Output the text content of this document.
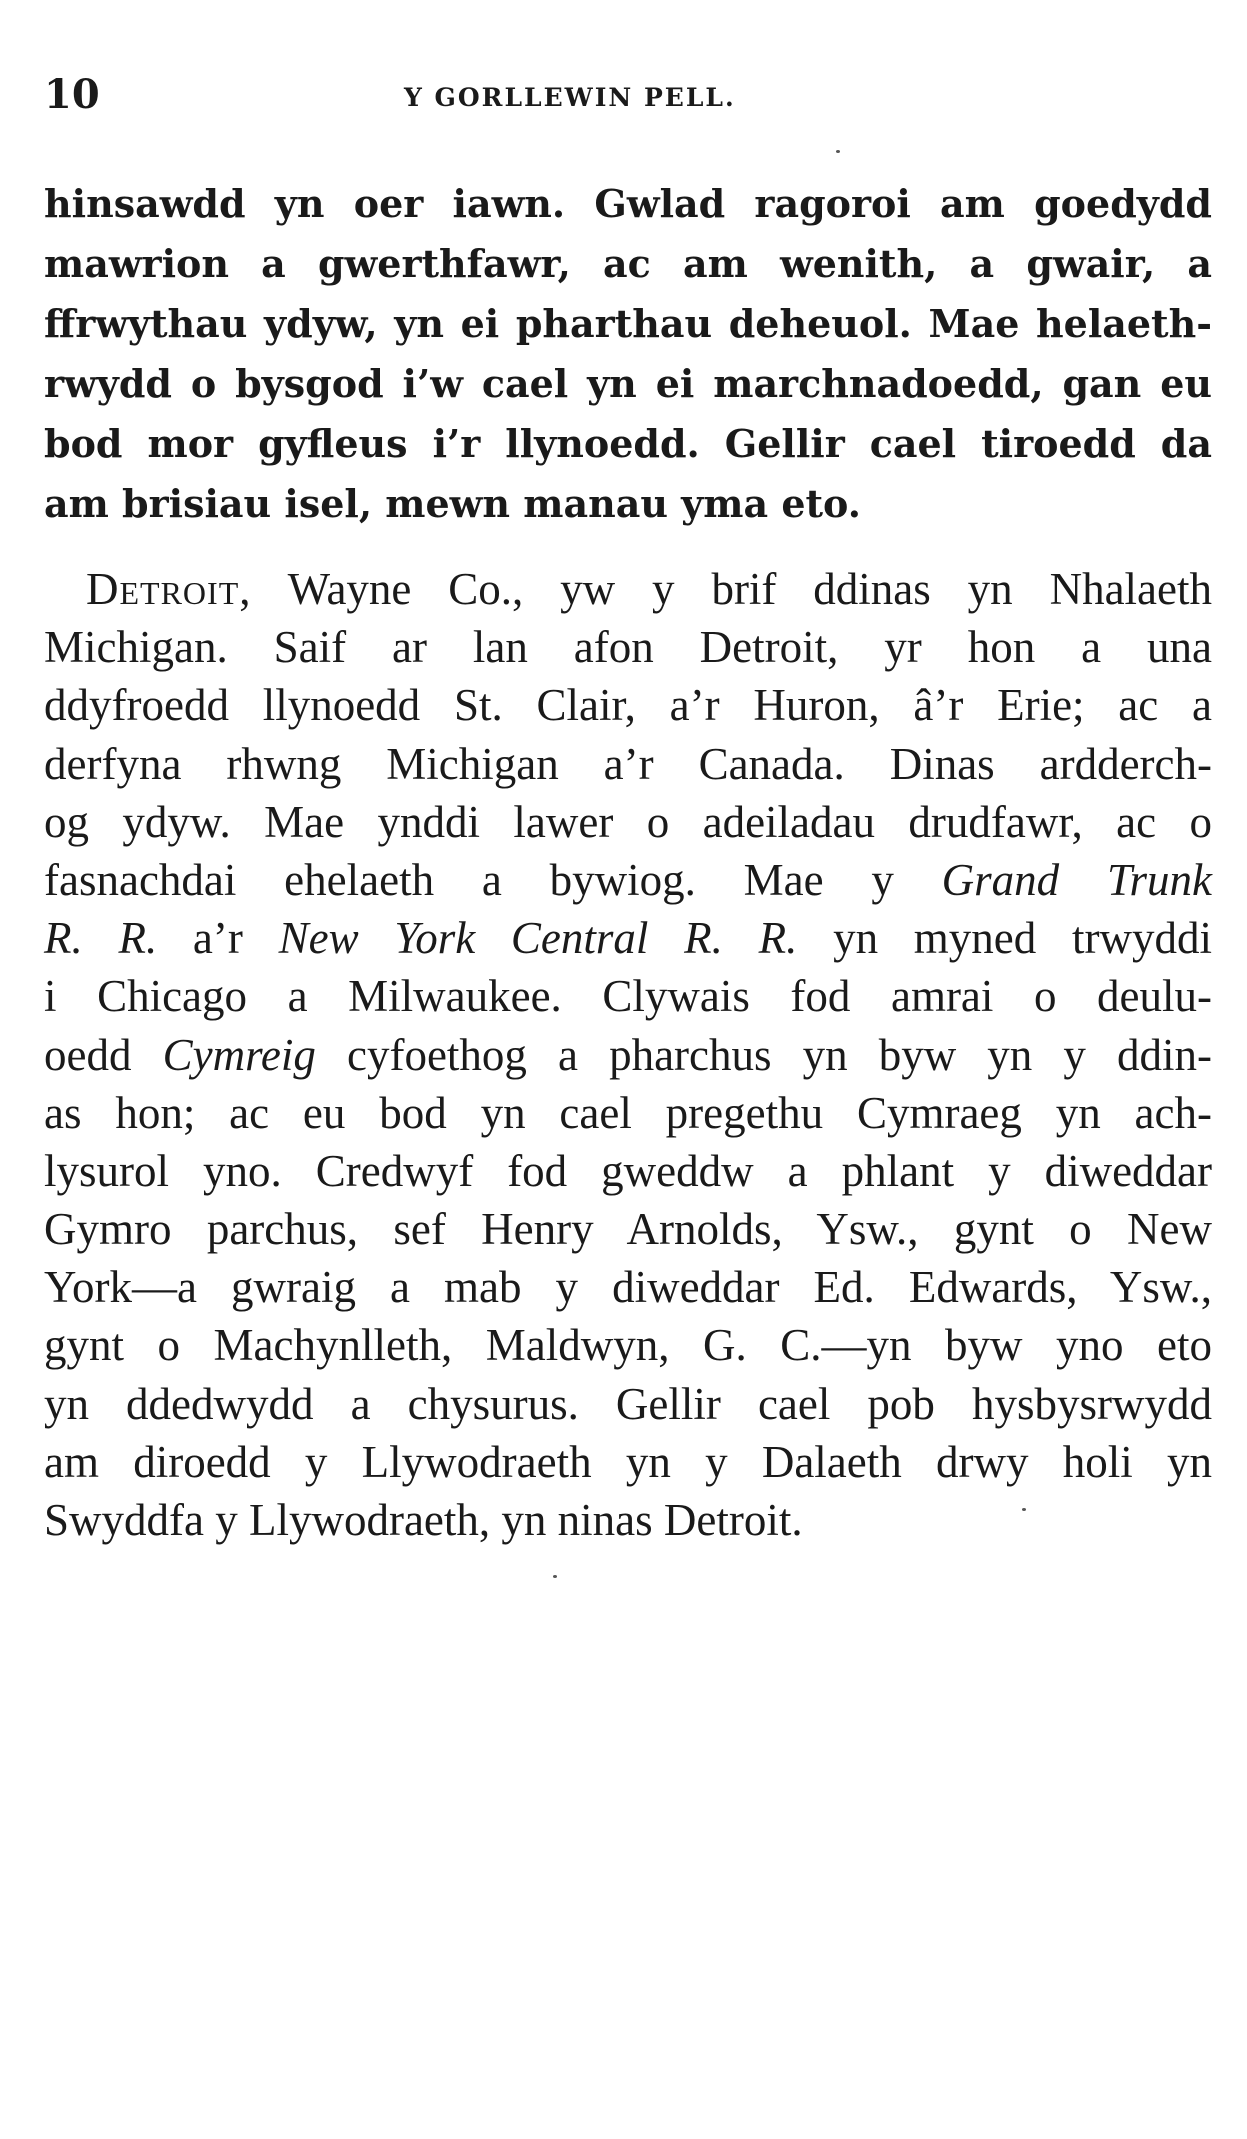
10	Y GORLLEWIN PELL.
hinsawdd yn oer iawn. Gwlad ragoroi am goedydd
mawrion a gwerthfawr, ac am wenith, a gwair, a
ffrwythau ydyw, yn ei pharthau deheuol. Mae helaeth-
rwydd o bysgod i’w cael yn ei marchnadoedd, gan eu
bod mor gyfleus i’r llynoedd. Gellir cael tiroedd da
am brisiau isel, mewn manau yma eto.
Detroit, Wayne Co., yw y brif ddinas yn Nhalaeth
Michigan. Saif ar lan afon Detroit, yr hon a una
ddyfroedd llynoedd St. Clair, a’r Huron, â’r Erie; ac a
derfyna rhwng Michigan a’r Canada. Dinas ardderch-
og ydyw. Mae ynddi lawer o adeiladau drudfawr, ac o
fasnachdai ehelaeth a bywiog. Mae y Grand Trunk
R. R. a’r New York Central R. R. yn myned trwyddi
i Chicago a Milwaukee. Clywais fod amrai o deulu-
oedd Cymreig cyfoethog a pharchus yn byw yn y ddin-
as hon; ac eu bod yn cael pregethu Cymraeg yn ach-
lysurol yno. Credwyf fod gweddw a phlant y diweddar
Gymro parchus, sef Henry Arnolds, Ysw., gynt o New
York—a gwraig a mab y diweddar Ed. Edwards, Ysw.,
gynt o Machynlleth, Maldwyn, G. C.—yn byw yno eto
yn ddedwydd a chysurus. Gellir cael pob hysbysrwydd
am diroedd y Llywodraeth yn y Dalaeth drwy holi yn
Swyddfa y Llywodraeth, yn ninas Detroit.
